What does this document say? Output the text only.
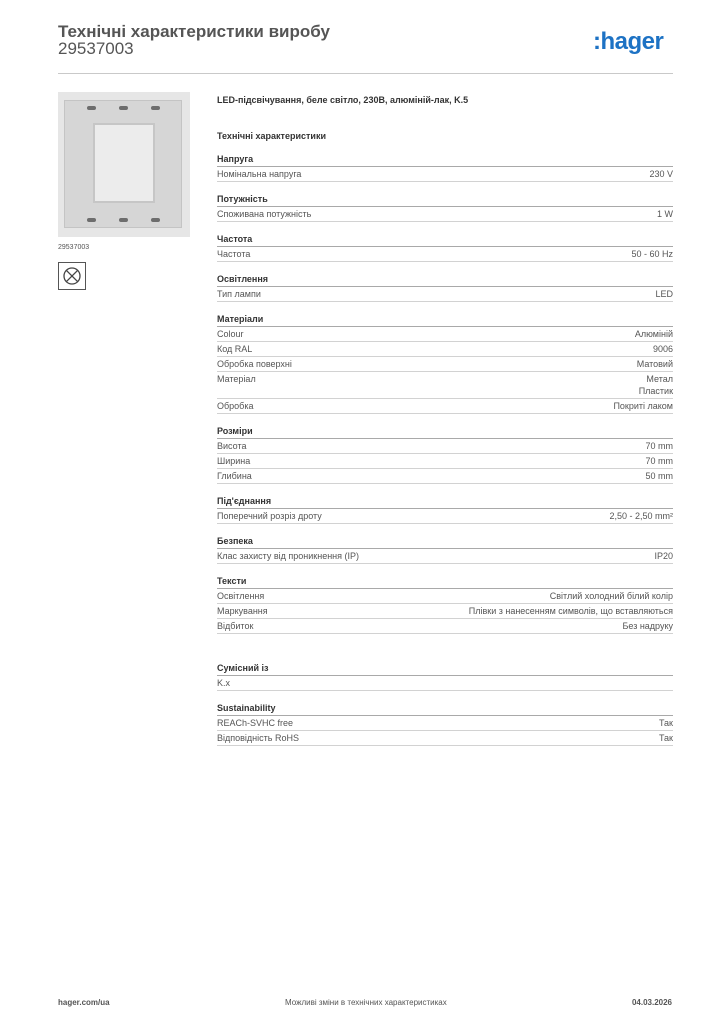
Технічні характеристики виробу
29537003	:hager
29537003
LED-підсвічування, беле світло, 230В, алюміній-лак, K.5
Технічні характеристики
Напруга
Номінальна напруга	230 V
Потужність
Споживана потужність	1 W
Частота
Частота	50 - 60 Hz
Освітлення
Тип лампи	LED
Матеріали
Colour	Алюміній
Код RAL	9006
Обробка поверхні	Матовий
Матеріал	Метал
Пластик
Обробка	Покриті лаком
Розміри
Висота	70 mm
Ширина	70 mm
Глибина	50 mm
Під'єднання
Поперечний розріз дроту	2,50 - 2,50 mm²
Безпека
Клас захисту від проникнення (IP)	IP20
Тексти
Освітлення	Світлий холодний білий колір
Маркування	Плівки з нанесенням символів, що вставляються
Відбиток	Без надруку
Сумісний із
K.x
Sustainability
REACh-SVHC free	Так
Відповідність RoHS	Так
hager.com/ua	Можливі зміни в технічних характеристиках	04.03.2026
